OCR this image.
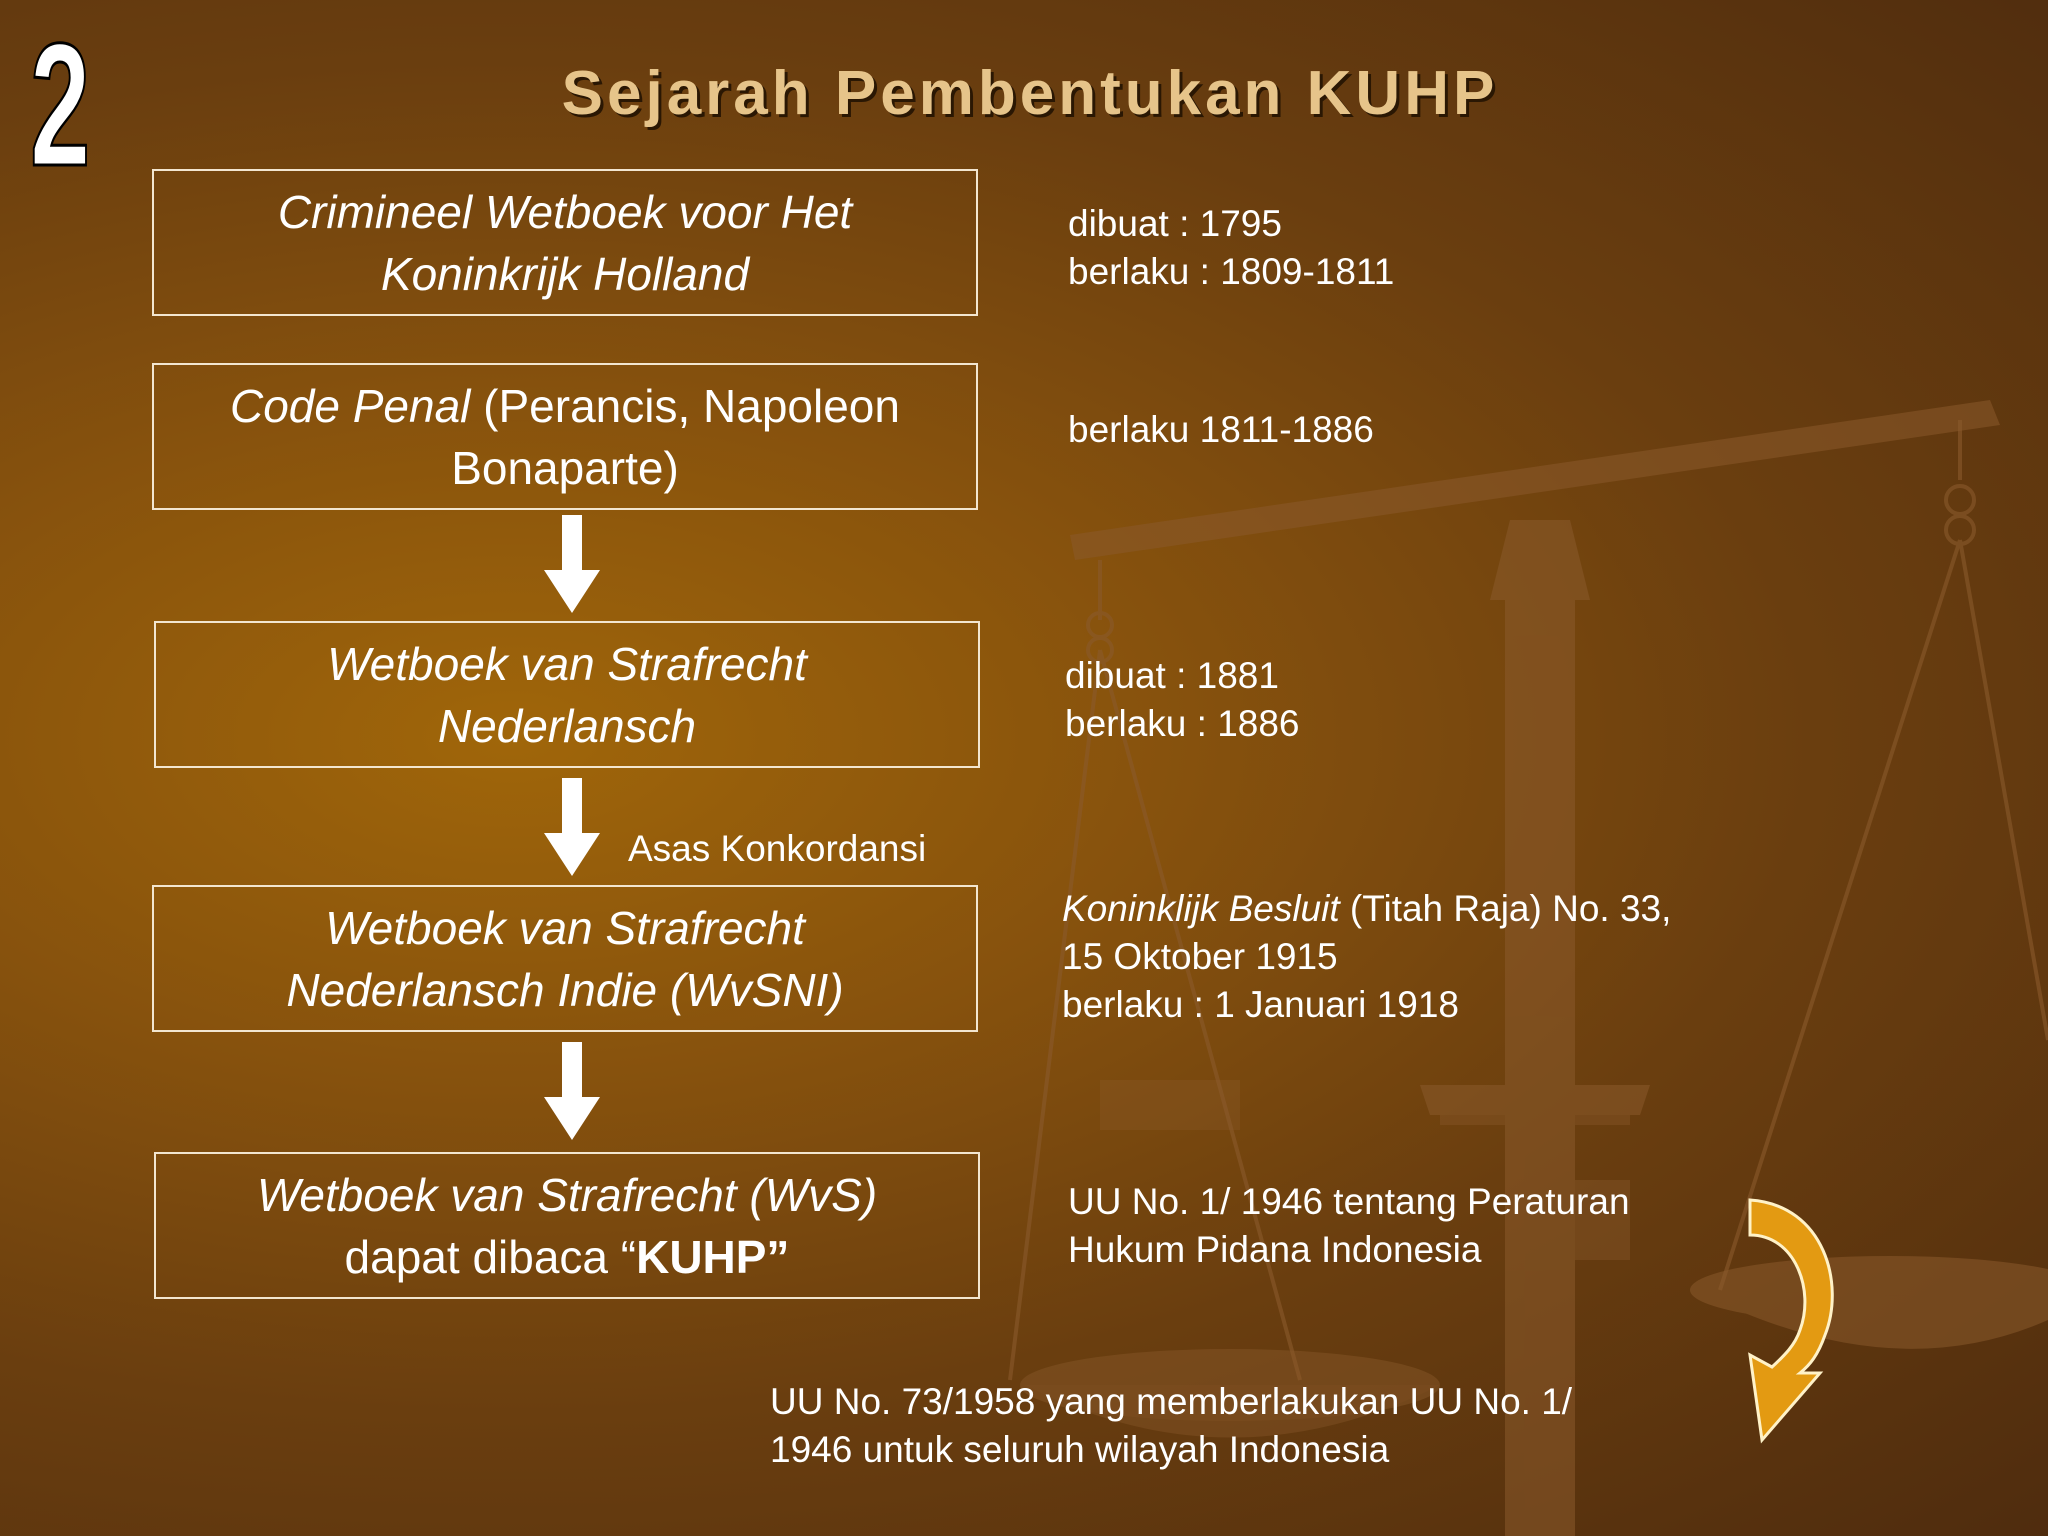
2	Sejarah Pembentukan KUHP
Crimineel Wetboek voor Het
Koninkrijk Holland
Code Penal (Perancis, Napoleon
Bonaparte)
Wetboek van Strafrecht
Nederlansch
Wetboek van Strafrecht
Nederlansch Indie (WvSNI)
Wetboek van Strafrecht (WvS)
dapat dibaca “KUHP”
Asas Konkordansi
dibuat : 1795
berlaku : 1809-1811
berlaku 1811-1886
dibuat : 1881
berlaku : 1886
Koninklijk Besluit (Titah Raja) No. 33,
15 Oktober 1915
berlaku : 1 Januari 1918
UU No. 1/ 1946 tentang Peraturan
Hukum Pidana Indonesia
UU No. 73/1958 yang memberlakukan UU No. 1/
1946 untuk seluruh wilayah Indonesia
